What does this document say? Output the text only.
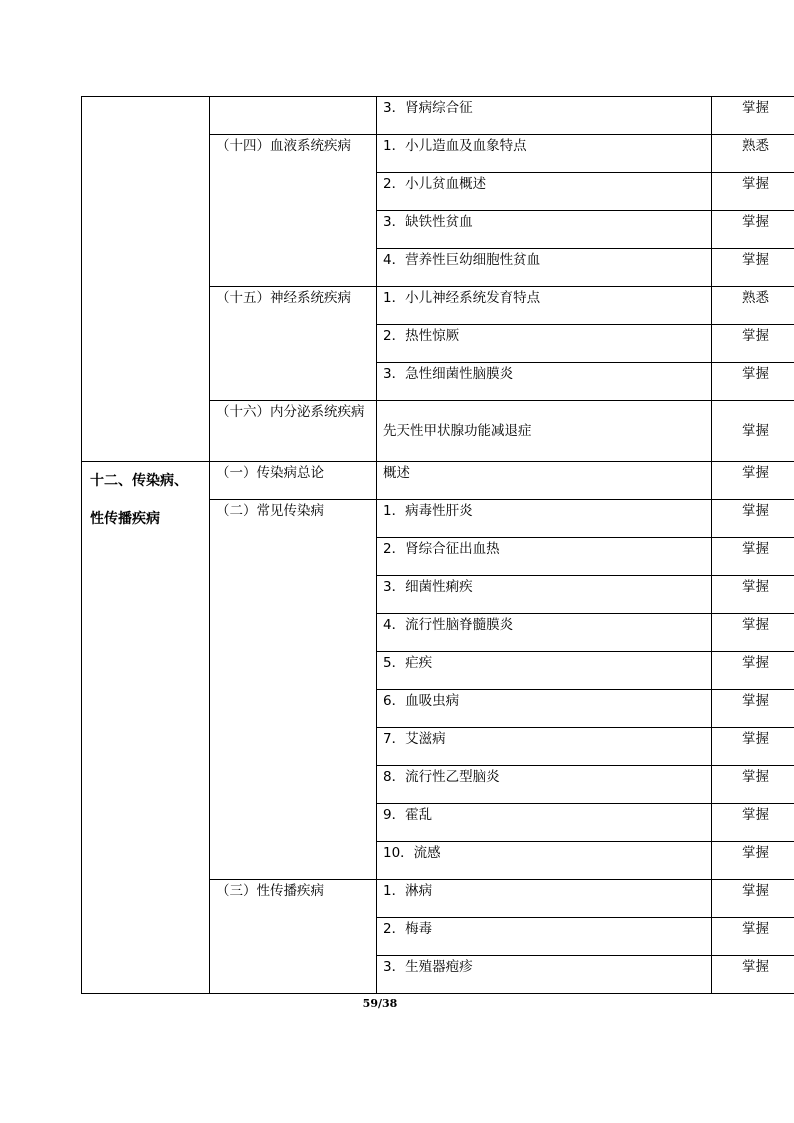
		3．肾病综合征	掌握
	（十四）血液系统疾病	1．小儿造血及血象特点	熟悉
		2．小儿贫血概述	掌握
		3．缺铁性贫血	掌握
		4．营养性巨幼细胞性贫血	掌握
	（十五）神经系统疾病	1．小儿神经系统发育特点	熟悉
		2．热性惊厥	掌握
		3．急性细菌性脑膜炎	掌握
	（十六）内分泌系统疾病	先天性甲状腺功能减退症	掌握

十二、传染病、
性传播疾病	（一）传染病总论	概述	掌握
	（二）常见传染病	1．病毒性肝炎	掌握
		2．肾综合征出血热	掌握
		3．细菌性痢疾	掌握
		4．流行性脑脊髓膜炎	掌握
		5．疟疾	掌握
		6．血吸虫病	掌握
		7．艾滋病	掌握
		8．流行性乙型脑炎	掌握
		9．霍乱	掌握
		10．流感	掌握
	（三）性传播疾病	1．淋病	掌握
		2．梅毒	掌握
		3．生殖器疱疹	掌握
59/38
